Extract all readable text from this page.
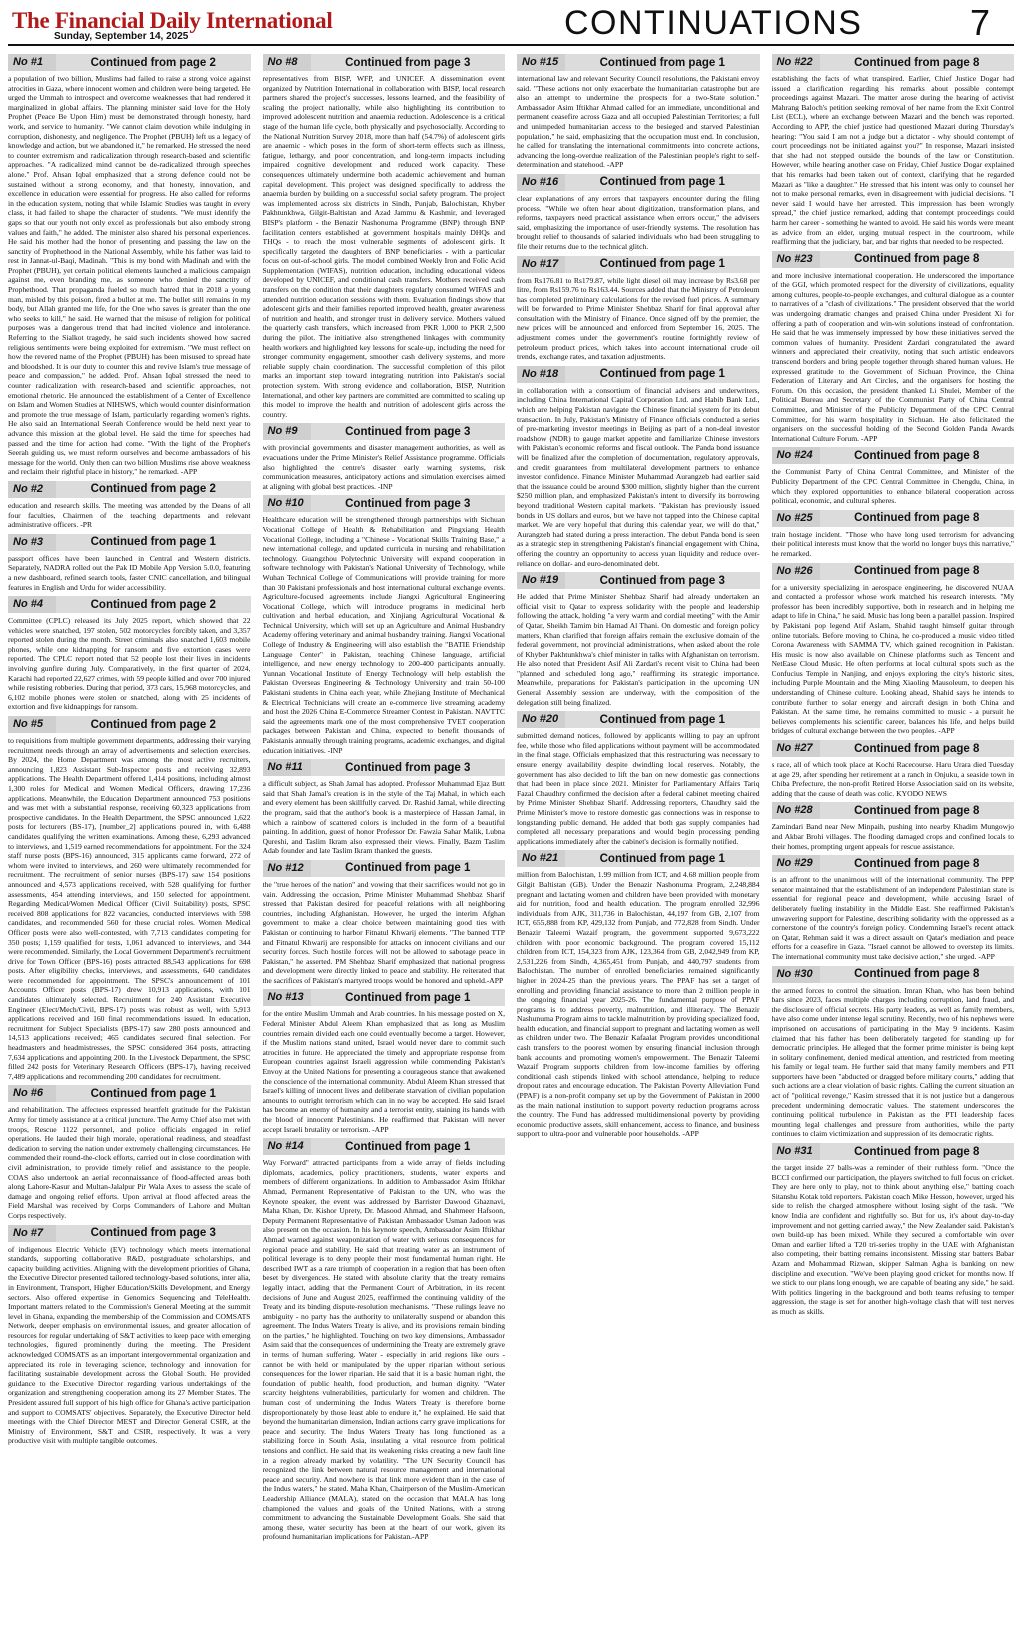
The Financial Daily International
Sunday, September 14, 2025	CONTINUATIONS	7
No #1	Continued from page 2

a population of two billion, Muslims had failed to raise a strong voice against atrocities in Gaza, where innocent women and children were being targeted. He urged the Ummah to introspect and overcome weaknesses that had rendered it marginalized in global affairs. The planning minister said love for the Holy Prophet (Peace Be Upon Him) must be demonstrated through honesty, hard work, and service to humanity. "We cannot claim devotion while indulging in corruption, dishonesty, and negligence. The Prophet (PBUH) left us a legacy of knowledge and action, but we abandoned it," he remarked. He stressed the need to counter extremism and radicalization through research-based and scientific approaches. "A radicalized mind cannot be de-radicalized through speeches alone." Prof. Ahsan Iqbal emphasized that a strong defence could not be sustained without a strong economy, and that honesty, innovation, and excellence in education were essential for progress. He also called for reforms in the education system, noting that while Islamic Studies was taught in every class, it had failed to shape the character of students. "We must identify the gaps so that our youth not only excel as professionals but also embody strong values and faith," he added. The minister also shared his personal experiences. He said his mother had the honor of presenting and passing the law on the sanctity of Prophethood in the National Assembly, while his father was laid to rest in Jannat-ul-Baqi, Madinah. "This is my bond with Madinah and with the Prophet (PBUH), yet certain political elements launched a malicious campaign against me, even branding me, as someone who denied the sanctity of Prophethood. That propaganda fueled so much hatred that in 2018 a young man, misled by this poison, fired a bullet at me. The bullet still remains in my body, but Allah granted me life, for the One who saves is greater than the one who seeks to kill," he said. He warned that the misuse of religion for political purposes was a dangerous trend that had incited violence and intolerance. Referring to the Sialkot tragedy, he said such incidents showed how sacred religious sentiments were being exploited for extremism. "We must reflect on how the revered name of the Prophet (PBUH) has been misused to spread hate and bloodshed. It is our duty to counter this and revive Islam's true message of peace and compassion," he added. Prof. Ahsan Iqbal stressed the need to counter radicalization with research-based and scientific approaches, not emotional rhetoric. He announced the establishment of a Center of Excellence on Islam and Women Studies at NIHSWS, which would counter disinformation and promote the true message of Islam, particularly regarding women's rights. He also said an International Seerah Conference would be held next year to advance this mission at the global level. He said the time for speeches had passed and the time for action had come. "With the light of the Prophet's Seerah guiding us, we must reform ourselves and become ambassadors of his message for the world. Only then can two billion Muslims rise above weakness and reclaim their rightful place in history," he remarked. -APP

No #2	Continued from page 2

education and research skills. The meeting was attended by the Deans of all four faculties, Chairmen of the teaching departments and relevant administrative officers. -PR

No #3	Continued from page 1

passport offices have been launched in Central and Western districts. Separately, NADRA rolled out the Pak ID Mobile App Version 5.0.0, featuring a new dashboard, refined search tools, faster CNIC cancellation, and bilingual features in English and Urdu for wider accessibility.

No #4	Continued from page 2

Committee (CPLC) released its July 2025 report, which showed that 22 vehicles were snatched, 197 stolen, 502 motorcycles forcibly taken, and 3,357 reported stolen during the month. Street criminals also snatched 1,603 mobile phones, while one kidnapping for ransom and five extortion cases were reported. The CPLC report noted that 52 people lost their lives in incidents involving gunfire during July. Comparatively, in the first quarter of 2024, Karachi had reported 22,627 crimes, with 59 people killed and over 700 injured while resisting robberies. During that period, 373 cars, 15,968 motorcycles, and 6,102 mobile phones were stolen or snatched, along with 25 incidents of extortion and five kidnappings for ransom.

No #5	Continued from page 2

to requisitions from multiple government departments, addressing their varying recruitment needs through an array of advertisements and selection exercises. By 2024, the Home Department was among the most active recruiters, announcing 1,823 Assistant Sub-Inspector posts and receiving 32,893 applications. The Health Department offered 1,414 positions, including almost 1,300 roles for Medical and Women Medical Officers, drawing 17,236 applications. Meanwhile, the Education Department announced 753 positions and was met with a substantial response, receiving 60,323 applications from prospective candidates. In the Health Department, the SPSC announced 1,622 posts for lecturers (BS-17), [number_2] applications poured in, with 6,488 candidates qualifying the written examinations. Among these, 6,293 advanced to interviews, and 1,519 earned recommendations for appointment. For the 324 staff nurse posts (BPS-16) announced, 315 applicants came forward, 272 of whom were invited to interviews, and 260 were ultimately recommended for recruitment. The recruitment of senior nurses (BPS-17) saw 154 positions announced and 4,573 applications received, with 528 qualifying for further assessments, 454 attending interviews, and 150 selected for appointment. Regarding Medical/Women Medical Officer (Civil Suitability) posts, SPSC received 808 applications for 822 vacancies, conducted interviews with 598 candidates, and recommended 560 for these crucial roles. Women Medical Officer posts were also well-contested, with 7,713 candidates competing for 350 posts; 1,159 qualified for tests, 1,061 advanced to interviews, and 344 were recommended. Similarly, the Local Government Department's recruitment drive for Town Officer (BPS-16) posts attracted 88,543 applications for 698 posts. After eligibility checks, interviews, and assessments, 640 candidates were recommended for appointment. The SPSC's announcement of 101 Accounts Officer posts (BPS-17) drew 10,913 applications, with 101 candidates ultimately selected. Recruitment for 240 Assistant Executive Engineer (Elect/Mech/Civil, BPS-17) posts was robust as well, with 5,913 applications received and 160 final recommendations issued. In education, recruitment for Subject Specialists (BPS-17) saw 280 posts announced and 14,513 applications received; 465 candidates secured final selection. For headmasters and headmistresses, the SPSC considered 364 posts, attracting 7,634 applications and appointing 200. In the Livestock Department, the SPSC filled 242 posts for Veterinary Research Officers (BPS-17), having received 7,489 applications and recommending 200 candidates for recruitment.

No #6	Continued from page 1

and rehabilitation. The affectees expressed heartfelt gratitude for the Pakistan Army for timely assistance at a critical juncture. The Army Chief also met with troops, Rescue 1122 personnel, and police officials engaged in relief operations. He lauded their high morale, operational readiness, and steadfast dedication to serving the nation under extremely challenging circumstances. He commended their round-the-clock efforts, carried out in close coordination with civil administration, to provide timely relief and assistance to the people. COAS also undertook an aerial reconnaissance of flood-affected areas both along Lahore-Kasur and Multan-Jalalpur Pir Wala Axes to assess the scale of damage and ongoing relief efforts. Upon arrival at flood affected areas the Field Marshal was received by Corps Commanders of Lahore and Multan Corps respectively.

No #7	Continued from page 3

of indigenous Electric Vehicle (EV) technology which meets international standards, supporting collaborative R&D, postgraduate scholarships, and capacity building activities. Aligning with the development priorities of Ghana, the Executive Director presented tailored technology-based solutions, inter alia, in Environment, Transport, Higher Education/Skills Development, and Energy sectors. Also offered expertise in Genomics Sequencing and TeleHealth. Important matters related to the Commission's General Meeting at the summit level in Ghana, expanding the membership of the Commission and COMSATS Network, deeper emphasis on environmental issues, and greater allocation of resources for regular undertaking of S&T activities to keep pace with emerging technologies, figured prominently during the meeting. The President acknowledged COMSATS as an important intergovernmental organization and appreciated its role in leveraging science, technology and innovation for facilitating sustainable development across the Global South. He provided guidance to the Executive Director regarding various undertakings of the organization and strengthening cooperation among its 27 Member States. The President assured full support of his high office for Ghana's active participation and support to COMSATS' objectives. Separately, the Executive Director held meetings with the Chief Director MEST and Director General CSIR, at the Ministry of Environment, S&T and CSIR, respectively. It was a very productive visit with multiple tangible outcomes.

No #8	Continued from page 3

representatives from BISP, WFP, and UNICEF. A dissemination event organized by Nutrition International in collaboration with BISP, local research partners shared the project's successes, lessons learned, and the feasibility of scaling the project nationally, while also highlighting its contribution to improved adolescent nutrition and anaemia reduction. Adolescence is a critical stage of the human life cycle, both physically and psychosocially. According to the National Nutrition Survey 2018, more than half (54.7%) of adolescent girls are anaemic - which poses in the form of short-term effects such as illness, fatigue, lethargy, and poor concentration, and long-term impacts including impaired cognitive development and reduced work capacity. These consequences ultimately undermine both academic achievement and human capital development. This project was designed specifically to address the anaemia burden by building on a successful social safety program. The project was implemented across six districts in Sindh, Punjab, Balochistan, Khyber Pakhtunkhwa, Gilgit-Baltistan and Azad Jammu & Kashmir, and leveraged BISP's platform - the Benazir Nashonuma Programme (BNP) through BNP facilitation centers established at government hospitals mainly DHQs and THQs - to reach the most vulnerable segments of adolescent girls. It specifically targeted the daughters of BNP beneficiaries - with a particular focus on out-of-school girls. The model combined Weekly Iron and Folic Acid Supplementation (WIFAS), nutrition education, including educational videos developed by UNICEF, and conditional cash transfers. Mothers received cash transfers on the condition that their daughters regularly consumed WIFAS and attended nutrition education sessions with them. Evaluation findings show that adolescent girls and their families reported improved health, greater awareness of nutrition and health, and stronger trust in delivery service. Mothers valued the quarterly cash transfers, which increased from PKR 1,000 to PKR 2,500 during the pilot. The initiative also strengthened linkages with community health workers and highlighted key lessons for scale-up, including the need for stronger community engagement, smoother cash delivery systems, and more reliable supply chain coordination. The successful completion of this pilot marks an important step toward integrating nutrition into Pakistan's social protection system. With strong evidence and collaboration, BISP, Nutrition International, and other key partners are committed are committed to scaling up this model to improve the health and nutrition of adolescent girls across the country.

No #9	Continued from page 3

with provincial governments and disaster management authorities, as well as evacuations under the Prime Minister's Relief Assistance programme. Officials also highlighted the centre's disaster early warning systems, risk communication measures, anticipatory actions and simulation exercises aimed at aligning with global best practices. -INP

No #10	Continued from page 3

Healthcare education will be strengthened through partnerships with Sichuan Vocational College of Health & Rehabilitation and Pingxiang Health Vocational College, including a "Chinese - Vocational Skills Training Base," a new international college, and updated curricula in nursing and rehabilitation technology. Guangzhou Polytechnic University will expand cooperation in software technology with Pakistan's National University of Technology, while Wuhan Technical College of Communications will provide training for more than 30 Pakistani professionals and host international cultural exchange events. Agriculture-focused agreements include Jiangxi Agricultural Engineering Vocational College, which will introduce programs in medicinal herb cultivation and herbal education, and Xinjiang Agricultural Vocational & Technical University, which will set up an Agriculture and Animal Husbandry Academy offering veterinary and animal husbandry training. Jiangxi Vocational College of Industry & Engineering will also establish the "BATIE Friendship Language Center" in Pakistan, teaching Chinese language, artificial intelligence, and new energy technology to 200-400 participants annually. Yunnan Vocational Institute of Energy Technology will help establish the Pakistan Overseas Engineering & Technology University and train 50-100 Pakistani students in China each year, while Zhejiang Institute of Mechanical & Electrical Technicians will create an e-commerce live streaming academy and host the 2026 China E-Commerce Streamer Contest in Pakistan. NAVTTC said the agreements mark one of the most comprehensive TVET cooperation packages between Pakistan and China, expected to benefit thousands of Pakistanis annually through training programs, academic exchanges, and digital education initiatives. -INP

No #11	Continued from page 3

a difficult subject, as Shah Jamal has adopted. Professor Muhammad Ejaz Butt said that Shah Jamal's creation is in the style of the Taj Mahal, in which each and every element has been skillfully carved. Dr. Rashid Jamal, while directing the program, said that the author's book is a masterpiece of Hassan Jamal, in which a rainbow of scattered colors is included in the form of a beautiful painting. In addition, guest of honor Professor Dr. Fawzia Sahar Malik, Lubna Qureshi, and Taslim Ikram also expressed their views. Finally, Bazm Taslim Adab founder and late Taslim Ikram thanked the guests.

No #12	Continued from page 1

the "true heroes of the nation" and vowing that their sacrifices would not go in vain. Addressing the occasion, Prime Minister Muhammad Shehbaz Sharif stressed that Pakistan desired for peaceful relations with all neighboring countries, including Afghanistan. However, he urged the interim Afghan government to make a clear choice between maintaining good ties with Pakistan or continuing to harbor Fitnatul Khwarij elements. "The banned TTP and Fitnatul Khwarij are responsible for attacks on innocent civilians and our security forces. Such hostile forces will not be allowed to sabotage peace in Pakistan," he asserted. PM Shehbaz Sharif emphasized that national progress and development were directly linked to peace and stability. He reiterated that the sacrifices of Pakistan's martyred troops would be honored and upheld.-APP

No #13	Continued from page 1

for the entire Muslim Ummah and Arab countries. In his message posted on X, Federal Minister Abdul Aleem Khan emphasized that as long as Muslim countries remain divided each one could eventually become a target. However, if the Muslim nations stand united, Israel would never dare to commit such atrocities in future. He appreciated the timely and appropriate response from European countries against Israeli aggression while commending Pakistan's Envoy at the United Nations for presenting a courageous stance that awakened the conscience of the international community. Abdul Aleem Khan stressed that Israel's killing of innocent lives and deliberate starvation of civilian population amounts to outright terrorism which can in no way be accepted. He said Israel has become an enemy of humanity and a terrorist entity, staining its hands with the blood of innocent Palestinians. He reaffirmed that Pakistan will never accept Israeli brutality or terrorism. -APP

No #14	Continued from page 1

Way Forward" attracted participants from a wide array of fields including diplomats, academics, policy practitioners, students, water experts and members of different organizations. In addition to Ambassador Asim Iftikhar Ahmad, Permanent Representative of Pakistan to the UN, who was the Keynote speaker, the event was addressed by Barrister Dawood Ghaznavi, Maha Khan, Dr. Kishor Uprety, Dr. Masood Ahmad, and Shahmeer Hafsoon, Deputy Permanent Representative of Pakistan Ambassador Usman Jadoon was also present on the occasion. In his keynote speech, Ambassador Asim Iftikhar Ahmad warned against weaponization of water with serious consequences for regional peace and stability. He said that treating water as an instrument of political leverage is to deny people their most fundamental human right. He described IWT as a rare triumph of cooperation in a region that has been often beset by divergences. He stated with absolute clarity that the treaty remains legally intact, adding that the Permanent Court of Arbitration, in its recent decisions of June and August 2025, reaffirmed the continuing validity of the Treaty and its binding dispute-resolution mechanisms. "These rulings leave no ambiguity - no party has the authority to unilaterally suspend or abandon this agreement. The Indus Waters Treaty is alive, and its provisions remain binding on the parties," he highlighted. Touching on two key dimensions, Ambassador Asim said that the consequences of undermining the Treaty are extremely grave in terms of human suffering. Water - especially in arid regions like ours - cannot be with held or manipulated by the upper riparian without serious consequences for the lower riparian. He said that it is a basic human right, the foundation of public health, food production, and human dignity. "Water scarcity heightens vulnerabilities, particularly for women and children. The human cost of undermining the Indus Waters Treaty is therefore borne disproportionately by those least able to endure it," he explained. He said that beyond the humanitarian dimension, Indian actions carry grave implications for peace and security. The Indus Waters Treaty has long functioned as a stabilizing force in South Asia, insulating a vital resource from political tensions and conflict. He said that its weakening risks creating a new fault line in a region already marked by volatility. "The UN Security Council has recognized the link between natural resource management and international peace and security. And nowhere is that link more evident than in the case of the Indus waters," he stated. Maha Khan, Chairperson of the Muslim-American Leadership Alliance (MALA), stated on the occasion that MALA has long championed the values and goals of the United Nations, with a strong commitment to advancing the Sustainable Development Goals. She said that among these, water security has been at the heart of our work, given its profound humanitarian implications for Pakistan.-APP

No #15	Continued from page 1

international law and relevant Security Council resolutions, the Pakistani envoy said. "These actions not only exacerbate the humanitarian catastrophe but are also an attempt to undermine the prospects for a two-State solution." Ambassador Asim Iftikhar Ahmad called for an immediate, unconditional and permanent ceasefire across Gaza and all occupied Palestinian Territories; a full and unimpeded humanitarian access to the besieged and starved Palestinian population," he said, emphasizing that the occupation must end. In conclusion, he called for translating the international commitments into concrete actions, advancing the long-overdue realization of the Palestinian people's right to self-determination and statehood. -APP

No #16	Continued from page 1

clear explanations of any errors that taxpayers encounter during the filing process. "While we often hear about digitization, transformation plans, and reforms, taxpayers need practical assistance when errors occur," the advisers said, emphasizing the importance of user-friendly systems. The resolution has brought relief to thousands of salaried individuals who had been struggling to file their returns due to the technical glitch.

No #17	Continued from page 1

from Rs176.81 to Rs179.87, while light diesel oil may increase by Rs3.68 per litre, from Rs159.76 to Rs163.44. Sources added that the Ministry of Petroleum has completed preliminary calculations for the revised fuel prices. A summary will be forwarded to Prime Minister Shehbaz Sharif for final approval after consultation with the Ministry of Finance. Once signed off by the premier, the new prices will be announced and enforced from September 16, 2025. The adjustment comes under the government's routine fortnightly review of petroleum product prices, which takes into account international crude oil trends, exchange rates, and taxation adjustments.

No #18	Continued from page 1

in collaboration with a consortium of financial advisers and underwriters, including China International Capital Corporation Ltd. and Habib Bank Ltd., which are helping Pakistan navigate the Chinese financial system for its debut transaction. In July, Pakistan's Ministry of Finance officials conducted a series of pre-marketing investor meetings in Beijing as part of a non-deal investor roadshow (NDR) to gauge market appetite and familiarize Chinese investors with Pakistan's economic reforms and fiscal outlook. The Panda bond issuance will be finalized after the completion of documentation, regulatory approvals, and credit guarantees from multilateral development partners to enhance investor confidence. Finance Minister Muhammad Aurangzeb had earlier said that the issuance could be around $300 million, slightly higher than the current $250 million plan, and emphasized Pakistan's intent to diversify its borrowing beyond traditional Western capital markets. "Pakistan has previously issued bonds in US dollars and euros, but we have not tapped into the Chinese capital market. We are very hopeful that during this calendar year, we will do that," Aurangzeb had stated during a press interaction. The debut Panda bond is seen as a strategic step in strengthening Pakistan's financial engagement with China, offering the country an opportunity to access yuan liquidity and reduce over-reliance on dollar- and euro-denominated debt.

No #19	Continued from page 3

He added that Prime Minister Shehbaz Sharif had already undertaken an official visit to Qatar to express solidarity with the people and leadership following the attack, holding "a very warm and cordial meeting" with the Amir of Qatar, Sheikh Tamim bin Hamad Al Thani. On domestic and foreign policy matters, Khan clarified that foreign affairs remain the exclusive domain of the federal government, not provincial administrations, when asked about the role of Khyber Pakhtunkhwa's chief minister in talks with Afghanistan on terrorism. He also noted that President Asif Ali Zardari's recent visit to China had been "planned and scheduled long ago," reaffirming its strategic importance. Meanwhile, preparations for Pakistan's participation in the upcoming UN General Assembly session are underway, with the composition of the delegation still being finalized.

No #20	Continued from page 1

submitted demand notices, followed by applicants willing to pay an upfront fee, while those who filed applications without payment will be accommodated in the final stage. Officials emphasized that this restructuring was necessary to ensure energy availability despite dwindling local reserves. Notably, the government has also decided to lift the ban on new domestic gas connections that had been in place since 2021. Minister for Parliamentary Affairs Tariq Fazal Chaudhry confirmed the decision after a federal cabinet meeting chaired by Prime Minister Shehbaz Sharif. Addressing reporters, Chaudhry said the Prime Minister's move to restore domestic gas connections was in response to longstanding public demand. He added that both gas supply companies had completed all necessary preparations and would begin processing pending applications immediately after the cabinet's decision is formally notified.

No #21	Continued from page 1

million from Balochistan, 1.99 million from ICT, and 4.68 million people from Gilgit Baltistan (GB). Under the Benazir Nashonuma Program, 2,248,884 pregnant and lactating women and children have been provided with monetary aid for nutrition, food and health education. The program enrolled 32,996 individuals from AJK, 311,736 in Balochistan, 44,197 from GB, 2,107 from ICT, 655,888 from KP, 429,132 from Punjab, and 772,828 from Sindh. Under Benazir Taleemi Wazaif program, the government supported 9,673,222 children with poor economic background. The program covered 15,112 children from ICT, 154,323 from AJK, 123,364 from GB, 2,042,949 from KP, 2,531,226 from Sindh, 4,365,451 from Punjab, and 440,797 students from Balochistan. The number of enrolled beneficiaries remained significantly higher in 2024-25 than the previous years. The PPAF has set a target of enrolling and providing financial assistance to more than 2 million people in the ongoing financial year 2025-26. The fundamental purpose of PPAF programs is to address poverty, malnutrition, and illiteracy. The Benazir Nashunuma Program aims to tackle malnutrition by providing specialized food, health education, and financial support to pregnant and lactating women as well as children under two. The Benazir Kafaalat Program provides unconditional cash transfers to the poorest women by ensuring financial inclusion through bank accounts and promoting women's empowerment. The Benazir Taleemi Wazaif Program supports children from low-income families by offering conditional cash stipends linked with school attendance, helping to reduce dropout rates and encourage education. The Pakistan Poverty Alleviation Fund (PPAF) is a non-profit company set up by the Government of Pakistan in 2000 as the main national institution to support poverty reduction programs across the country. The Fund has addressed multidimensional poverty by providing economic productive assets, skill enhancement, access to finance, and business support to ultra-poor and vulnerable poor households. -APP

No #22	Continued from page 8

establishing the facts of what transpired. Earlier, Chief Justice Dogar had issued a clarification regarding his remarks about possible contempt proceedings against Mazari. The matter arose during the hearing of activist Mahrang Baloch's petition seeking removal of her name from the Exit Control List (ECL), where an exchange between Mazari and the bench was reported. According to APP, the chief justice had questioned Mazari during Thursday's hearing: "You said I am not a judge but a dictator - why should contempt of court proceedings not be initiated against you?" In response, Mazari insisted that she had not stepped outside the bounds of the law or Constitution. However, while hearing another case on Friday, Chief Justice Dogar explained that his remarks had been taken out of context, clarifying that he regarded Mazari as "like a daughter." He stressed that his intent was only to counsel her not to make personal remarks, even in disagreement with judicial decisions. "I never said I would have her arrested. This impression has been wrongly spread," the chief justice remarked, adding that contempt proceedings could harm her career - something he wanted to avoid. He said his words were meant as advice from an elder, urging mutual respect in the courtroom, while reaffirming that the judiciary, bar, and bar rights that needed to be respected.

No #23	Continued from page 8

and more inclusive international cooperation. He underscored the importance of the GGI, which promoted respect for the diversity of civilizations, equality among cultures, people-to-people exchanges, and cultural dialogue as a counter to narratives of a "clash of civilizations." The president observed that the world was undergoing dramatic changes and praised China under President Xi for offering a path of cooperation and win-win solutions instead of confrontation. He said that he was immensely impressed by how these initiatives served the common values of humanity. President Zardari congratulated the award winners and appreciated their creativity, noting that such artistic endeavors transcend borders and bring people together through shared human values. He expressed gratitude to the Government of Sichuan Province, the China Federation of Literary and Art Circles, and the organisers for hosting the Forum. On this occasion, the president thanked Li Shulei, Member of the Political Bureau and Secretary of the Communist Party of China Central Committee, and Minister of the Publicity Department of the CPC Central Committee, for his warm hospitality in Sichuan. He also felicitated the organisers on the successful holding of the Second Golden Panda Awards International Culture Forum. -APP

No #24	Continued from page 8

the Communist Party of China Central Committee, and Minister of the Publicity Department of the CPC Central Committee in Chengdu, China, in which they explored opportunities to enhance bilateral cooperation across political, economic, and cultural spheres.

No #25	Continued from page 8

train hostage incident. "Those who have long used terrorism for advancing their political interests must know that the world no longer buys this narrative," he remarked.

No #26	Continued from page 8

for a university specializing in aerospace engineering, he discovered NUAA and contacted a professor whose work matched his research interests. "My professor has been incredibly supportive, both in research and in helping me adapt to life in China," he said. Music has long been a parallel passion. Inspired by Pakistani pop legend Atif Aslam, Shahid taught himself guitar through online tutorials. Before moving to China, he co-produced a music video titled Corona Awareness with SAMMA TV, which gained recognition in Pakistan. His music is now also available on Chinese platforms such as Tencent and NetEase Cloud Music. He often performs at local cultural spots such as the Confucius Temple in Nanjing, and enjoys exploring the city's historic sites, including Purple Mountain and the Ming Xiaoling Mausoleum, to deepen his understanding of Chinese culture. Looking ahead, Shahid says he intends to contribute further to solar energy and aircraft design in both China and Pakistan. At the same time, he remains committed to music - a pursuit he believes complements his scientific career, balances his life, and helps build bridges of cultural exchange between the two peoples. -APP

No #27	Continued from page 8

s race, all of which took place at Kochi Racecourse. Haru Urara died Tuesday at age 29, after spending her retirement at a ranch in Onjuku, a seaside town in Chiba Prefecture, the non-profit Retired Horse Association said on its website, adding that the cause of death was colic. KYODO NEWS

No #28	Continued from page 8

Zamindari Band near New Minpaih, pushing into nearby Khadim Mungowjo and Akbar Brohi villages. The flooding damaged crops and confined locals to their homes, prompting urgent appeals for rescue assistance.

No #29	Continued from page 8

is an affront to the unanimous will of the international community. The PPP senator maintained that the establishment of an independent Palestinian state is essential for regional peace and development, while accusing Israel of deliberately fueling instability in the Middle East. She reaffirmed Pakistan's unwavering support for Palestine, describing solidarity with the oppressed as a cornerstone of the country's foreign policy. Condemning Israel's recent attack on Qatar, Rehman said it was a direct assault on Qatar's mediation and peace efforts for a ceasefire in Gaza. "Israel cannot be allowed to overstep its limits. The international community must take decisive action," she urged. -APP

No #30	Continued from page 8

the armed forces to control the situation. Imran Khan, who has been behind bars since 2023, faces multiple charges including corruption, land fraud, and the disclosure of official secrets. His party leaders, as well as family members, have also come under intense legal scrutiny. Recently, two of his nephews were imprisoned on accusations of participating in the May 9 incidents. Kasim claimed that his father has been deliberately targeted for standing up for democratic principles. He alleged that the former prime minister is being kept in solitary confinement, denied medical attention, and restricted from meeting his family or legal team. He further said that many family members and PTI supporters have been "abducted or dragged before military courts," adding that such actions are a clear violation of basic rights. Calling the current situation an act of "political revenge," Kasim stressed that it is not justice but a dangerous precedent undermining democratic values. The statement underscores the continuing political turbulence in Pakistan as the PTI leadership faces mounting legal challenges and pressure from authorities, while the party continues to claim victimization and suppression of its democratic rights.

No #31	Continued from page 8

the target inside 27 balls-was a reminder of their ruthless form. "Once the BCCI confirmed our participation, the players switched to full focus on cricket. They are here only to play, not to think about anything else," batting coach Sitanshu Kotak told reporters. Pakistan coach Mike Hesson, however, urged his side to relish the charged atmosphere without losing sight of the task. "We know India are confident and rightfully so. But for us, it's about day-to-day improvement and not getting carried away," the New Zealander said. Pakistan's own build-up has been mixed. While they secured a comfortable win over Oman and earlier lifted a T20 tri-series trophy in the UAE with Afghanistan also competing, their batting remains inconsistent. Missing star batters Babar Azam and Mohammad Rizwan, skipper Salman Agha is banking on new discipline and execution. "We've been playing good cricket for months now. If we stick to our plans long enough, we are capable of beating any side," he said. With politics lingering in the background and both teams refusing to temper aggression, the stage is set for another high-voltage clash that will test nerves as much as skills.
